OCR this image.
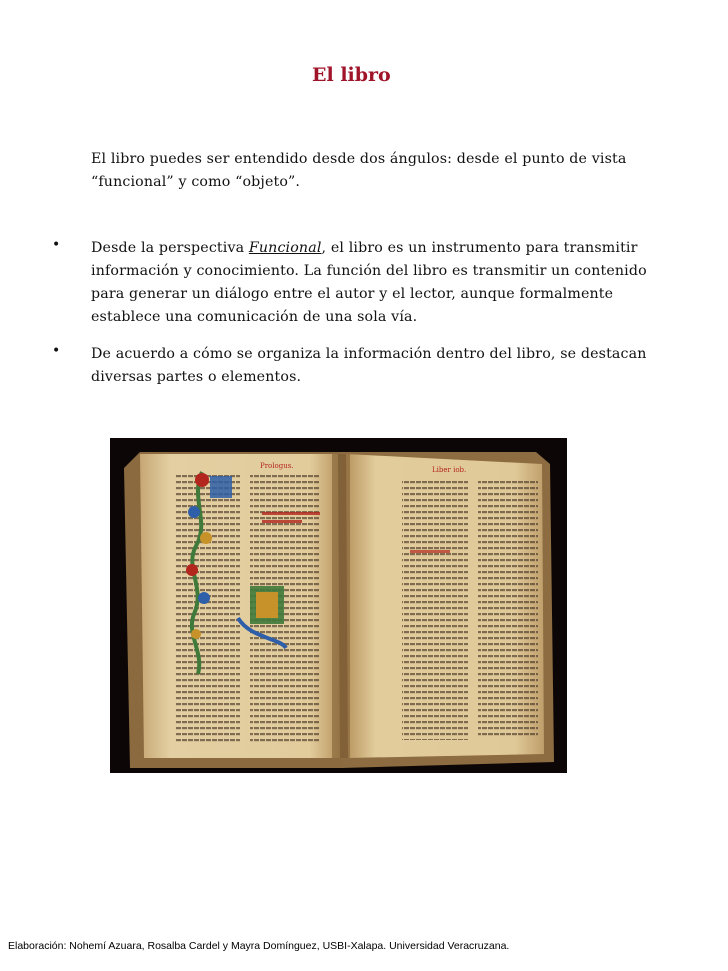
El libro
El libro puedes ser entendido desde dos ángulos: desde el punto de vista “funcional” y como “objeto”.
• Desde la perspectiva Funcional, el libro es un instrumento para transmitir información y conocimiento. La función del libro es transmitir un contenido para generar un diálogo entre el autor y el lector, aunque formalmente establece una comunicación de una sola vía.
• De acuerdo a cómo se organiza la información dentro del libro, se destacan diversas partes o elementos.
Prologus.	Liber iob.
Elaboración: Nohemí Azuara, Rosalba Cardel y Mayra Domínguez, USBI-Xalapa. Universidad Veracruzana.
